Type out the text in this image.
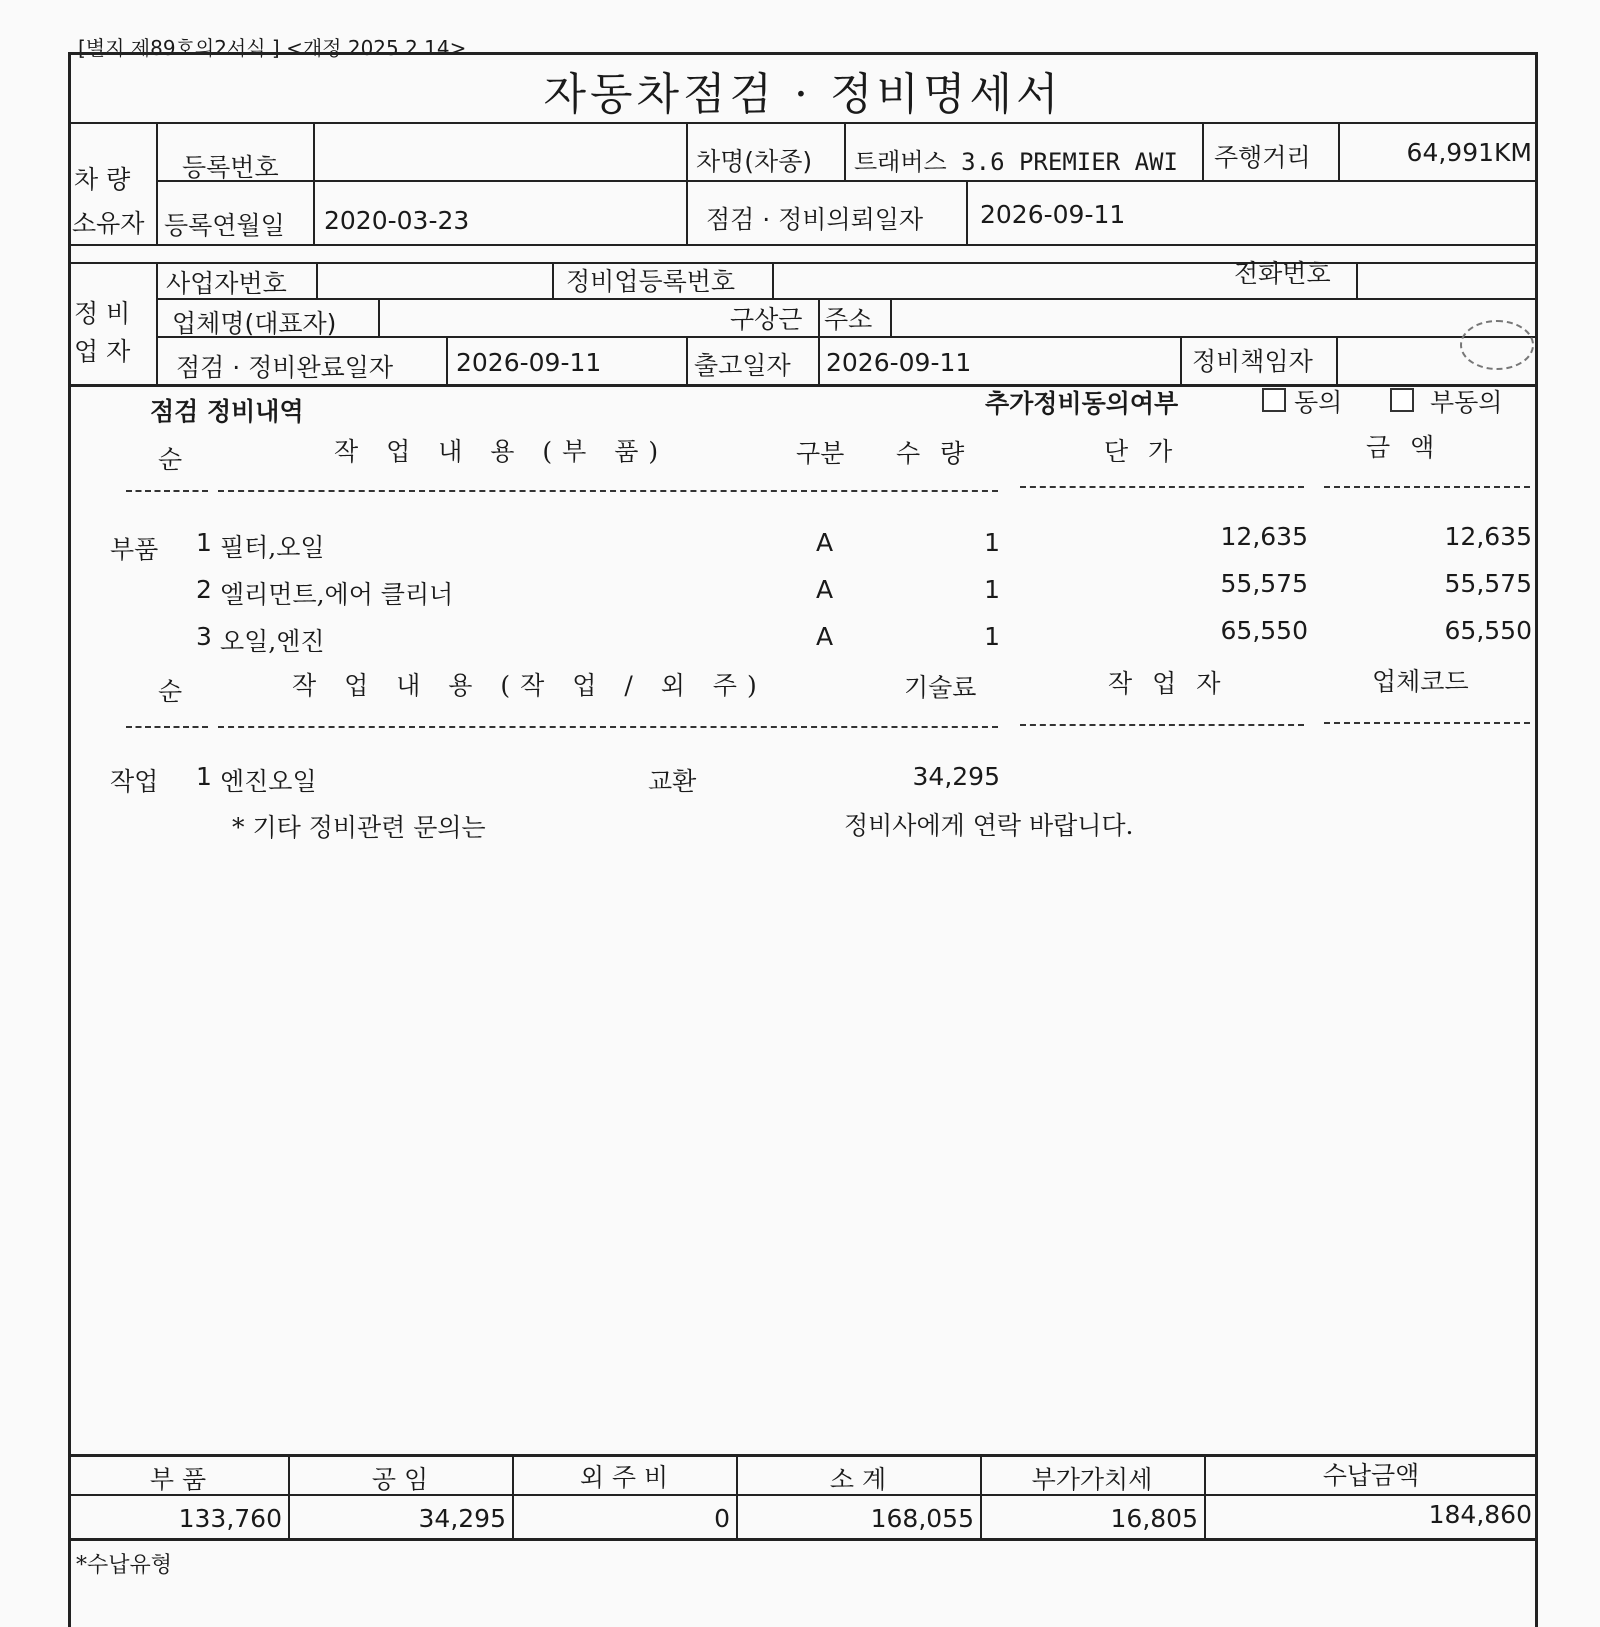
[별지 제89호의2서식 ] <개정 2025.2.14>
자동차점검 · 정비명세서
차 량
소유자
등록번호	차명(차종) 트래버스 3.6 PREMIER AWI 주행거리	64,991KM
등록연월일 2020-03-23	점검 · 정비의뢰일자 2026-09-11
정 비
업 자
사업자번호	정비업등록번호	전화번호
업체명(대표자)	구상근 주소
점검 · 정비완료일자	2026-09-11	출고일자 2026-09-11	정비책임자
점검 정비내역	추가정비동의여부	동의	부동의
순	작 업 내 용 (부 품)	구분 수 량	단 가	금 액
부품 1 필터,오일	A	1	12,635	12,635
2 엘리먼트,에어 클리너	A	1	55,575	55,575
3 오일,엔진	A	1	65,550	65,550
순	작 업 내 용 (작 업 / 외 주)	기술료	작 업 자	업체코드
작업 1 엔진오일	교환	34,295
* 기타 정비관련 문의는	정비사에게 연락 바랍니다.
부 품	공 임	외 주 비	소 계	부가가치세	수납금액
133,760	34,295	0	168,055	16,805	184,860
*수납유형
